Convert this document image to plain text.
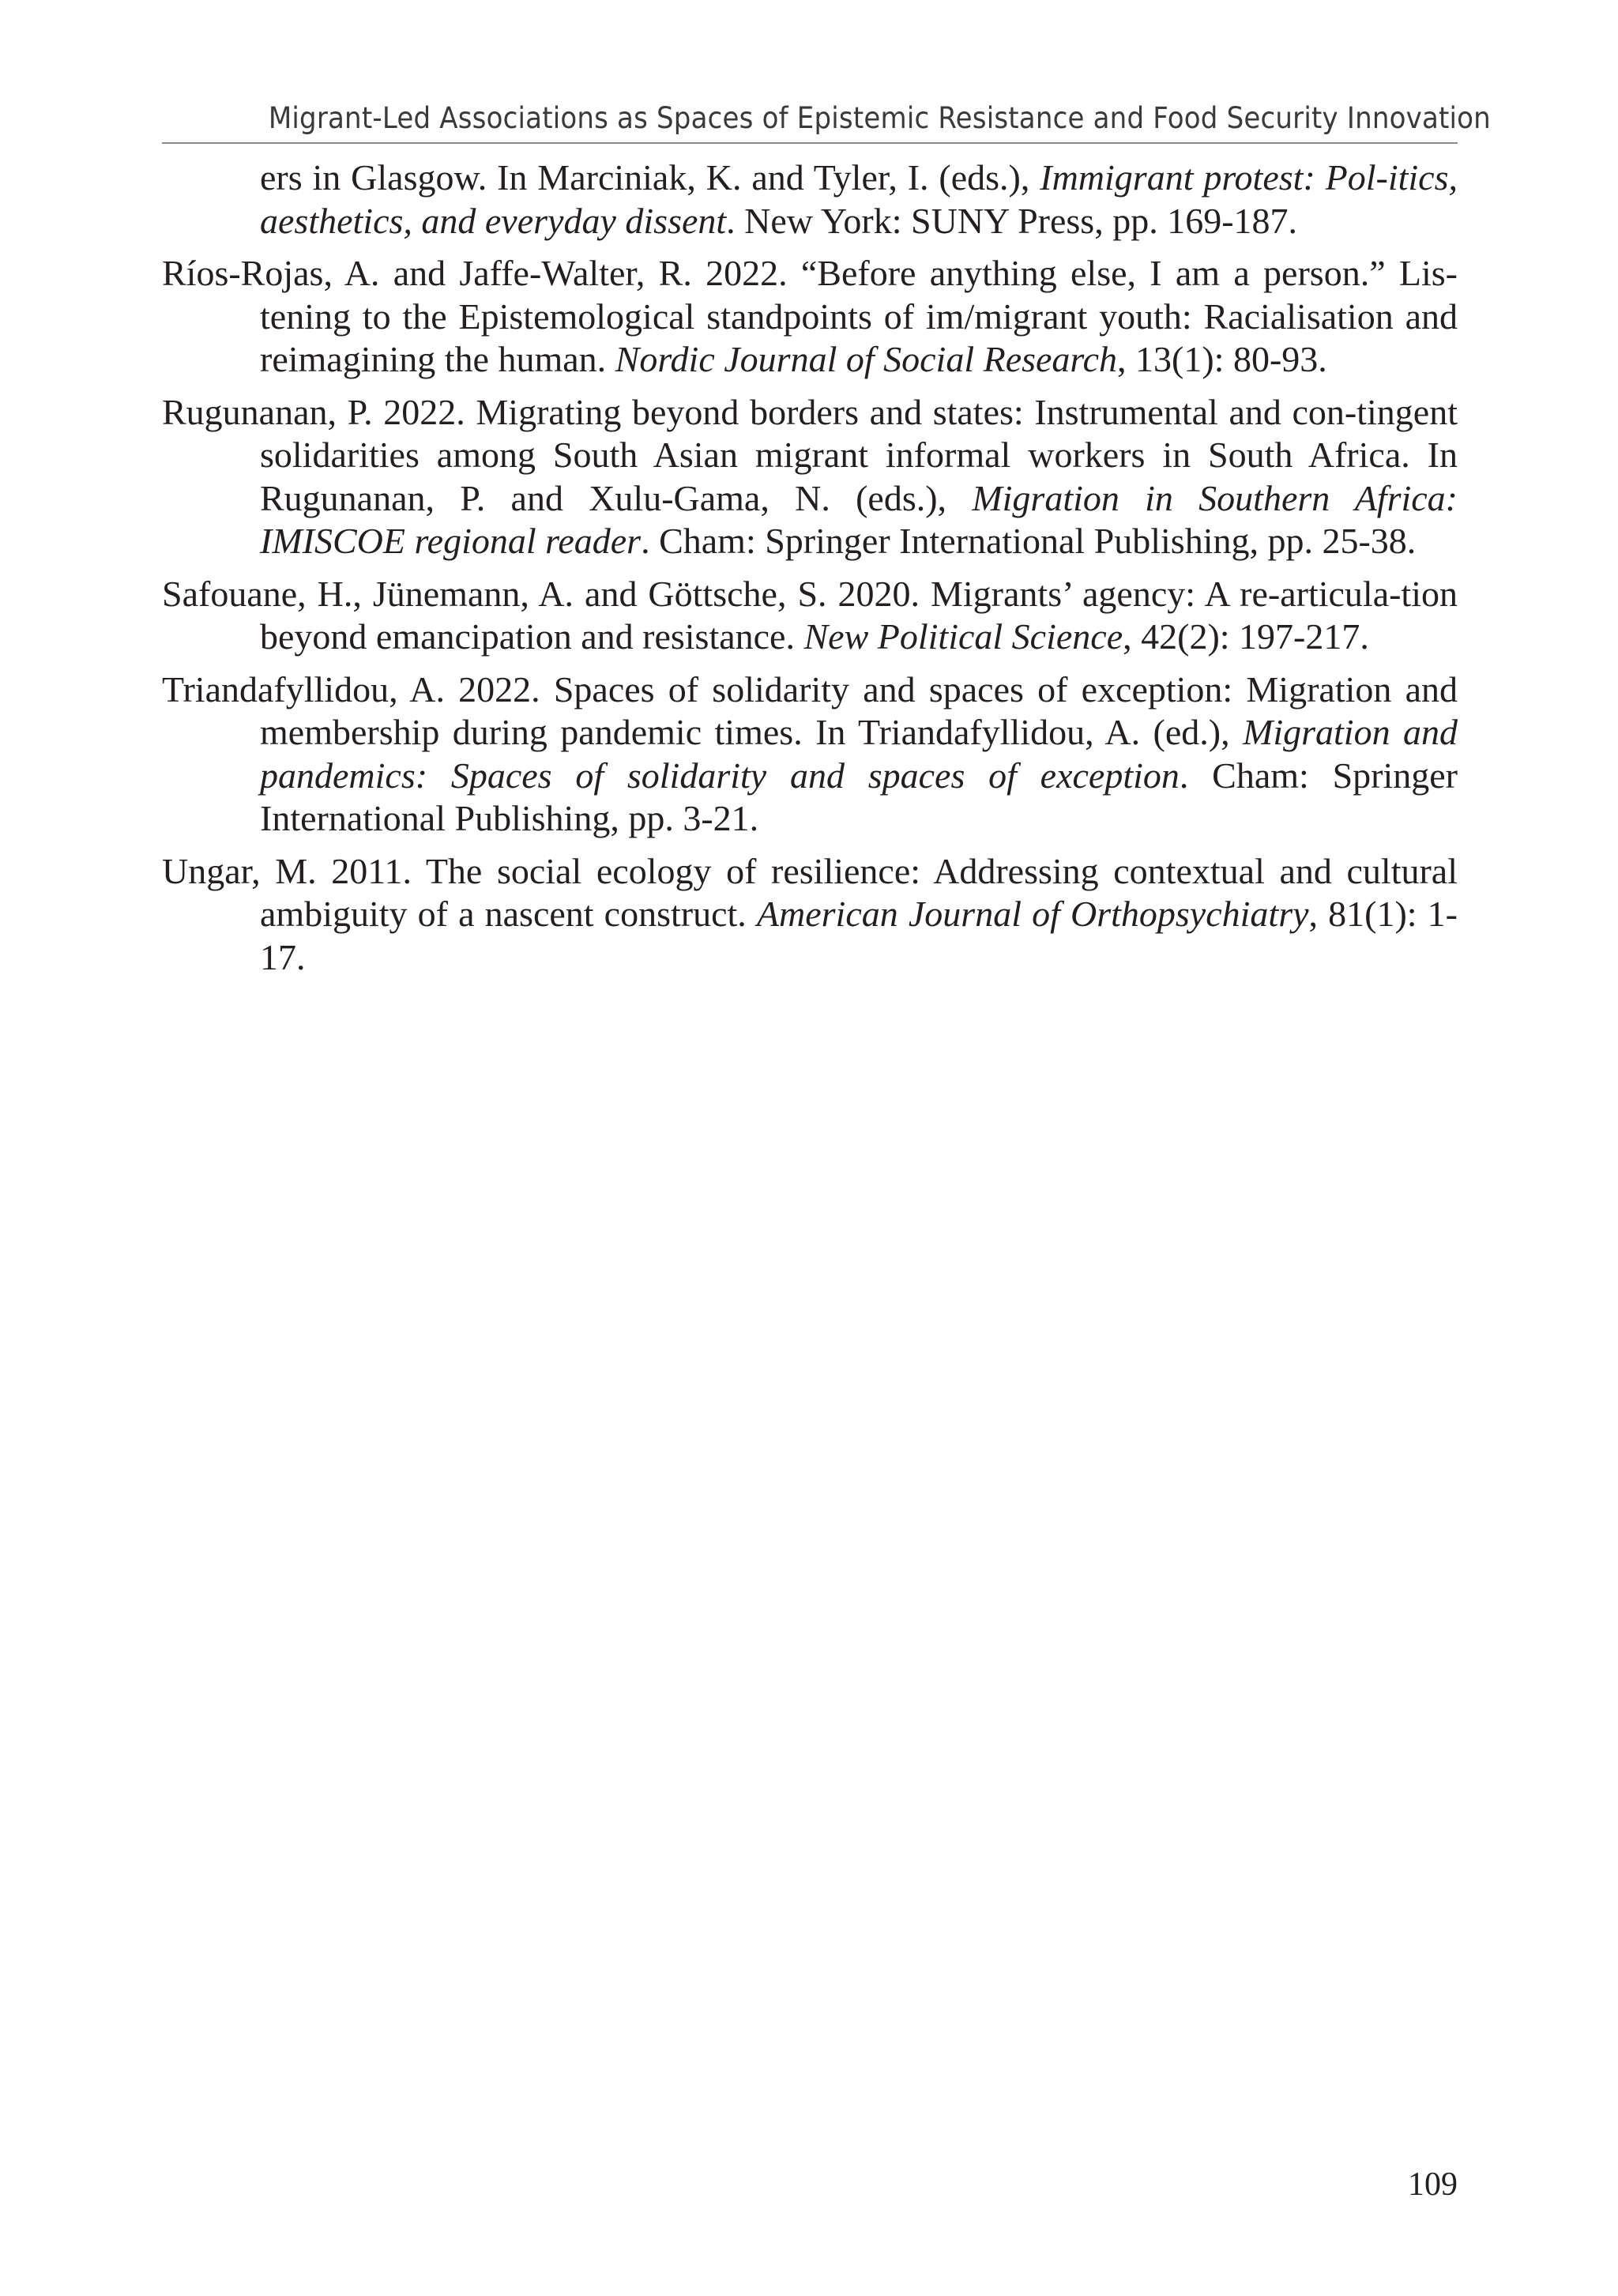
Migrant-Led Associations as Spaces of Epistemic Resistance and Food Security Innovation

ers in Glasgow. In Marciniak, K. and Tyler, I. (eds.), Immigrant protest: Pol-itics, aesthetics, and everyday dissent. New York: SUNY Press, pp. 169-187.

Ríos-Rojas, A. and Jaffe-Walter, R. 2022. “Before anything else, I am a person.” Lis-tening to the Epistemological standpoints of im/migrant youth: Racialisation and reimagining the human. Nordic Journal of Social Research, 13(1): 80-93.

Rugunanan, P. 2022. Migrating beyond borders and states: Instrumental and con-tingent solidarities among South Asian migrant informal workers in South Africa. In Rugunanan, P. and Xulu-Gama, N. (eds.), Migration in Southern Africa: IMISCOE regional reader. Cham: Springer International Publishing, pp. 25-38.

Safouane, H., Jünemann, A. and Göttsche, S. 2020. Migrants’ agency: A re-articula-tion beyond emancipation and resistance. New Political Science, 42(2): 197-217.

Triandafyllidou, A. 2022. Spaces of solidarity and spaces of exception: Migration and membership during pandemic times. In Triandafyllidou, A. (ed.), Migration and pandemics: Spaces of solidarity and spaces of exception. Cham: Springer International Publishing, pp. 3-21.

Ungar, M. 2011. The social ecology of resilience: Addressing contextual and cultural ambiguity of a nascent construct. American Journal of Orthopsychiatry, 81(1): 1-17.

109
